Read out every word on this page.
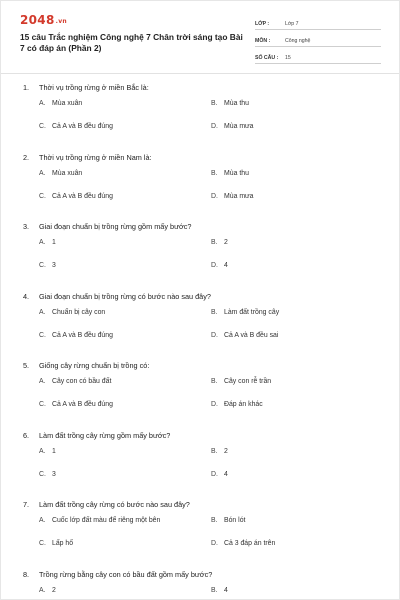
2048.vn
15 câu Trắc nghiệm Công nghệ 7 Chân trời sáng tạo Bài 7 có đáp án (Phần 2)
LỚP :	Lớp 7
MÔN :	Công nghệ
SỐ CÂU :	15
1. Thời vụ trồng rừng ở miền Bắc là:
A. Mùa xuân	B. Mùa thu
C. Cả A và B đều đúng	D. Mùa mưa
2. Thời vụ trồng rừng ở miền Nam là:
A. Mùa xuân	B. Mùa thu
C. Cả A và B đều đúng	D. Mùa mưa
3. Giai đoạn chuẩn bị trồng rừng gồm mấy bước?
A. 1	B. 2
C. 3	D. 4
4. Giai đoạn chuẩn bị trồng rừng có bước nào sau đây?
A. Chuẩn bị cây con	B. Làm đất trồng cây
C. Cả A và B đều đúng	D. Cả A và B đều sai
5. Giống cây rừng chuẩn bị trồng có:
A. Cây con có bầu đất	B. Cây con rễ trần
C. Cả A và B đều đúng	D. Đáp án khác
6. Làm đất trồng cây rừng gồm mấy bước?
A. 1	B. 2
C. 3	D. 4
7. Làm đất trồng cây rừng có bước nào sau đây?
A. Cuốc lớp đất màu để riêng một bên	B. Bón lót
C. Lấp hố	D. Cả 3 đáp án trên
8. Trồng rừng bằng cây con có bầu đất gồm mấy bước?
A. 2	B. 4
